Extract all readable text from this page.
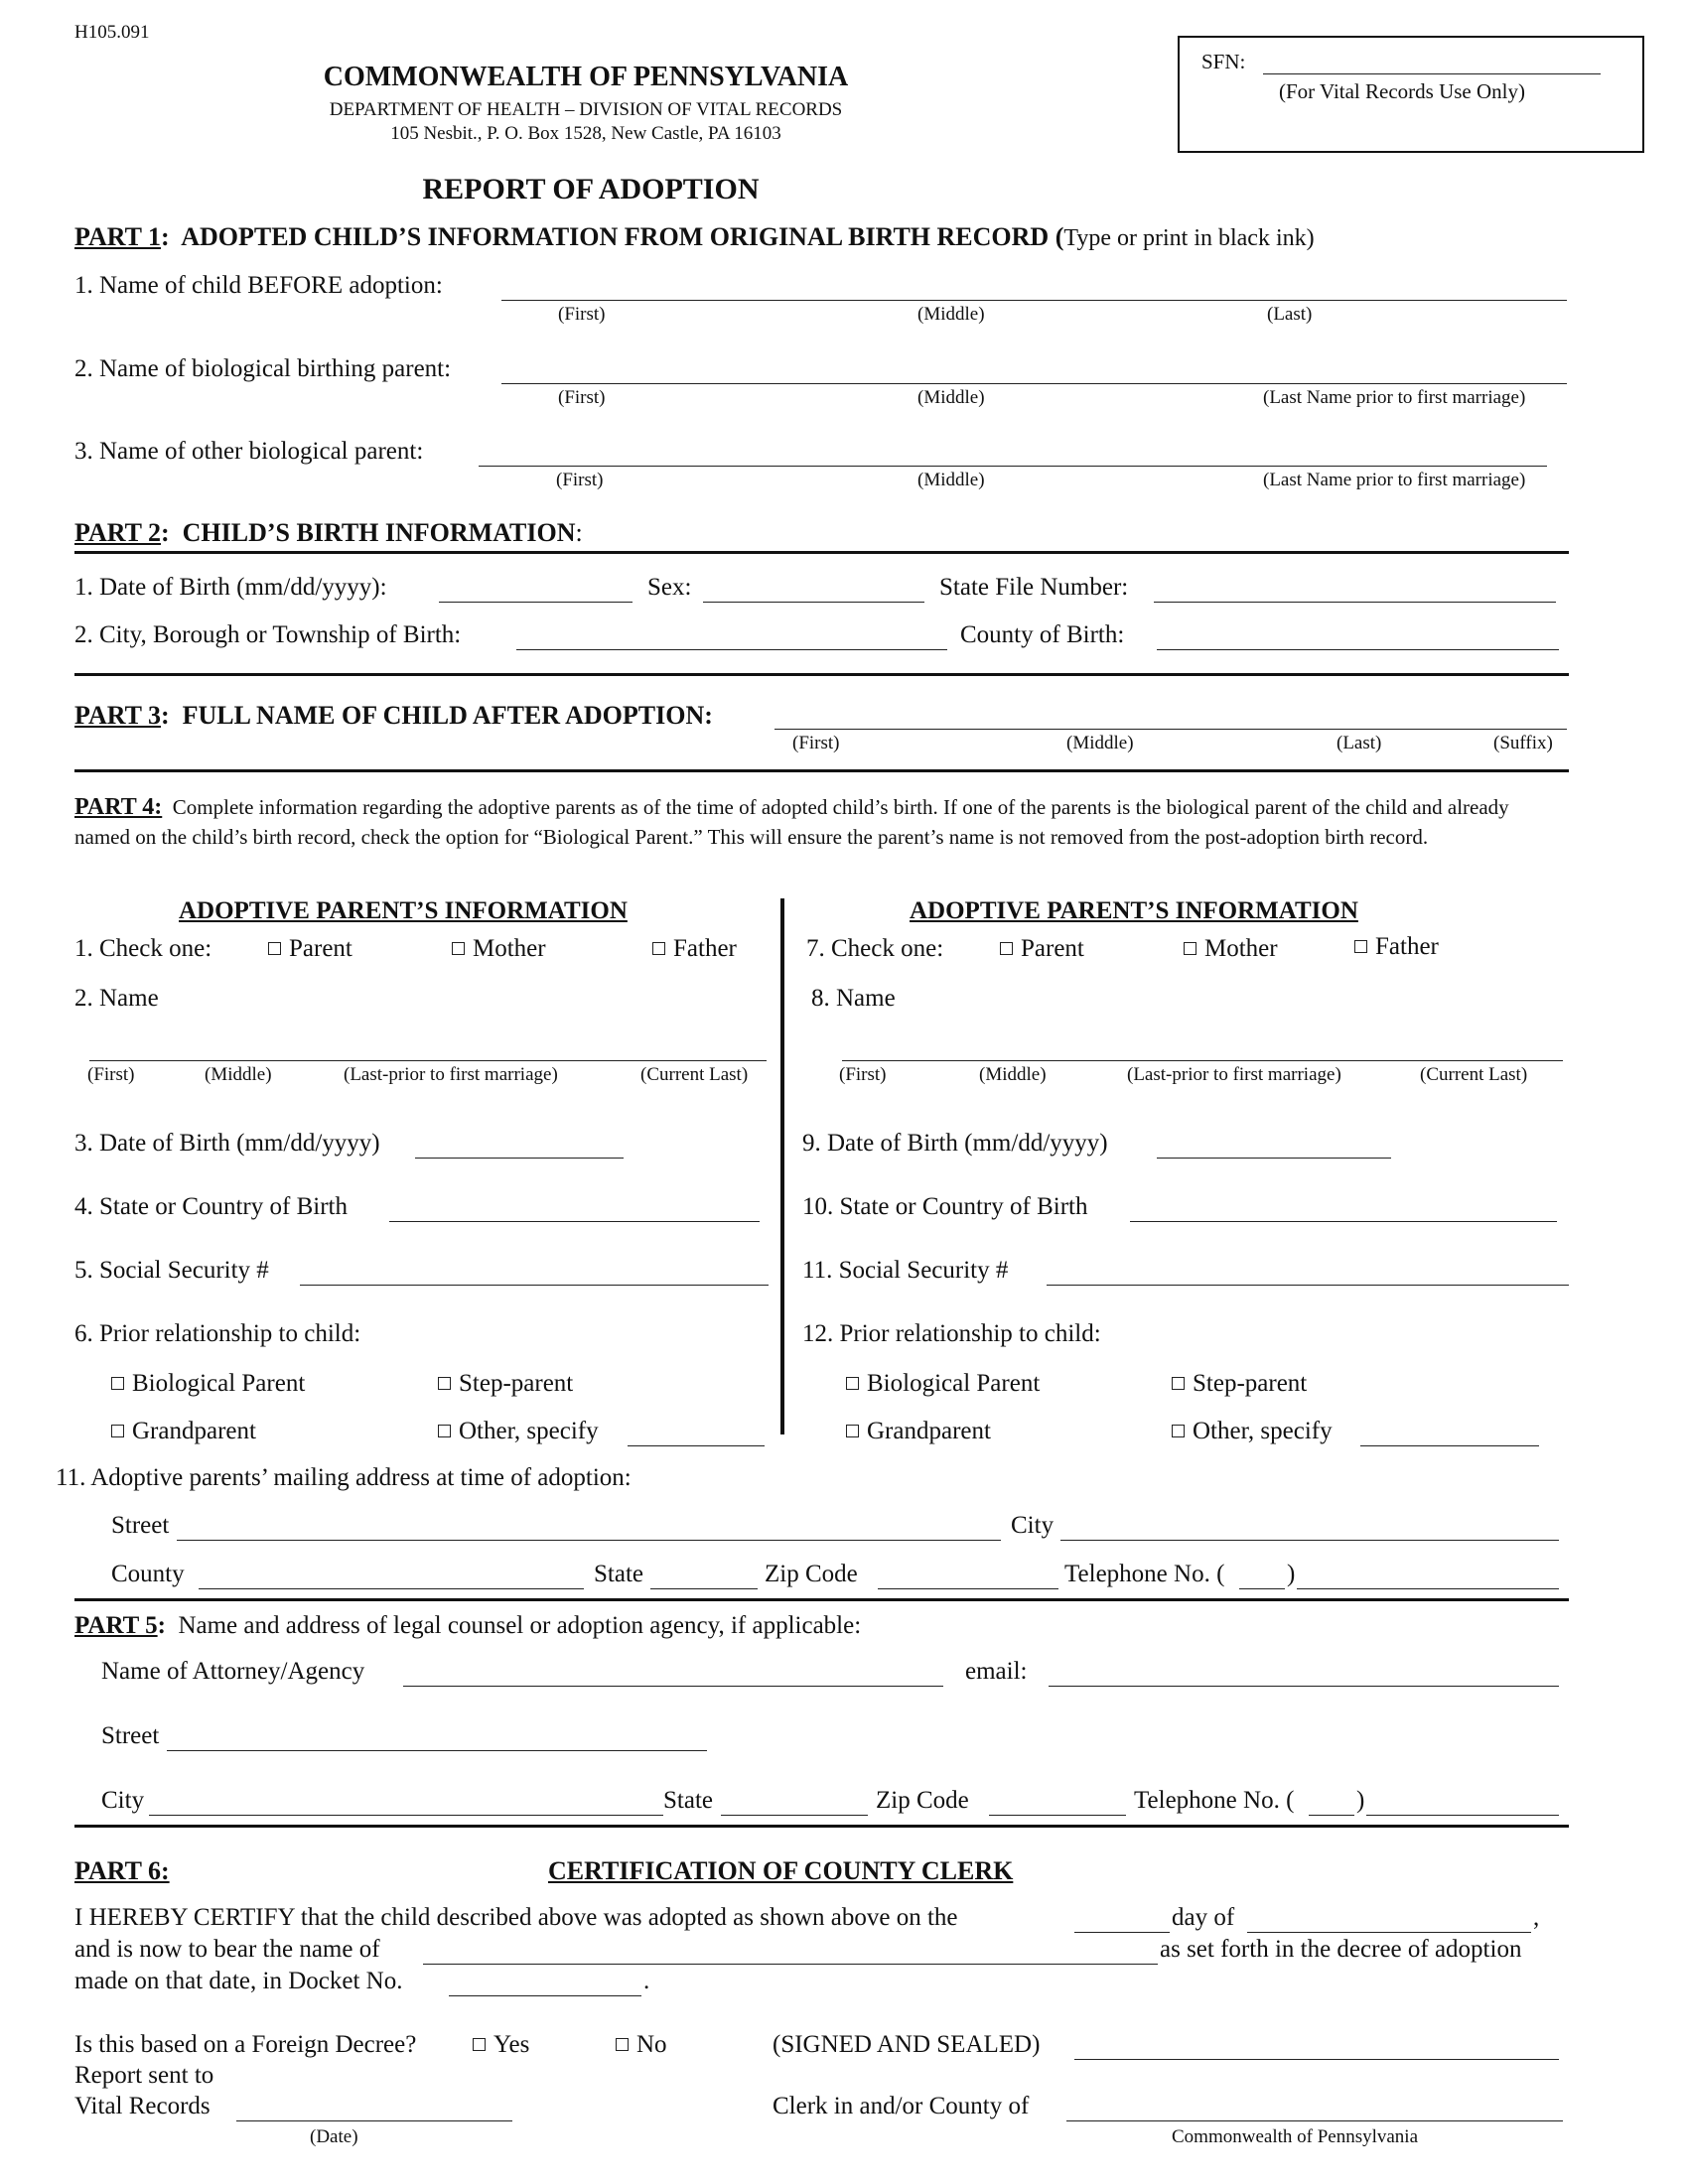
H105.091
COMMONWEALTH OF PENNSYLVANIA
DEPARTMENT OF HEALTH – DIVISION OF VITAL RECORDS
105 Nesbit., P. O. Box 1528, New Castle, PA 16103
REPORT OF ADOPTION
SFN:
(For Vital Records Use Only)
PART 1:  ADOPTED CHILD’S INFORMATION FROM ORIGINAL BIRTH RECORD (Type or print in black ink)
1. Name of child BEFORE adoption:
(First)	(Middle)	(Last)
2. Name of biological birthing parent:
(First)	(Middle)	(Last Name prior to first marriage)
3. Name of other biological parent:
(First)	(Middle)	(Last Name prior to first marriage)
PART 2:  CHILD’S BIRTH INFORMATION:
1. Date of Birth (mm/dd/yyyy):	Sex:	State File Number:
2. City, Borough or Township of Birth:	County of Birth:
PART 3:  FULL NAME OF CHILD AFTER ADOPTION:
(First)	(Middle)	(Last)	(Suffix)
PART 4: Complete information regarding the adoptive parents as of the time of adopted child’s birth. If one of the parents is the biological parent of the child and already named on the child’s birth record, check the option for “Biological Parent.” This will ensure the parent’s name is not removed from the post-adoption birth record.
ADOPTIVE PARENT’S INFORMATION
1. Check one:	Parent	Mother	Father
2. Name
(First)	(Middle)	(Last-prior to first marriage)	(Current Last)
3. Date of Birth (mm/dd/yyyy)
4. State or Country of Birth
5. Social Security #
6. Prior relationship to child:
Biological Parent	Step-parent
Grandparent	Other, specify
ADOPTIVE PARENT’S INFORMATION
7. Check one:	Parent	Mother	Father
8. Name
(First)	(Middle)	(Last-prior to first marriage)	(Current Last)
9. Date of Birth (mm/dd/yyyy)
10. State or Country of Birth
11. Social Security #
12. Prior relationship to child:
Biological Parent	Step-parent
Grandparent	Other, specify
11. Adoptive parents’ mailing address at time of adoption:
Street	City
County	State	Zip Code	Telephone No. (	)
PART 5: Name and address of legal counsel or adoption agency, if applicable:
Name of Attorney/Agency	email:
Street
City	State	Zip Code	Telephone No. (	)
PART 6:	CERTIFICATION OF COUNTY CLERK
I HEREBY CERTIFY that the child described above was adopted as shown above on the	day of	,
and is now to bear the name of	as set forth in the decree of adoption
made on that date, in Docket No.	.
Is this based on a Foreign Decree?	Yes	No	(SIGNED AND SEALED)
Report sent to
Vital Records
(Date)
Clerk in and/or County of
Commonwealth of Pennsylvania
